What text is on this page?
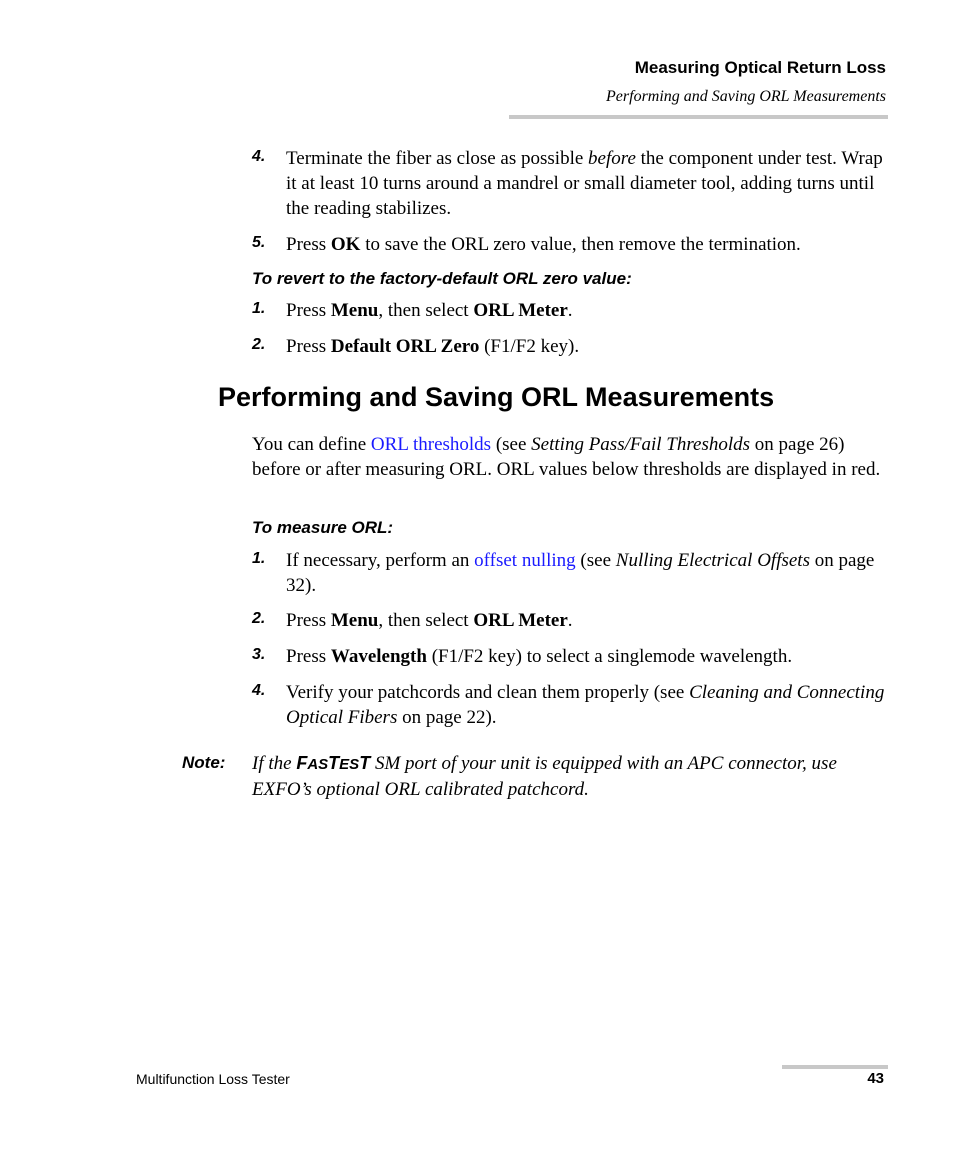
Measuring Optical Return Loss
Performing and Saving ORL Measurements
4. Terminate the fiber as close as possible before the component under test. Wrap it at least 10 turns around a mandrel or small diameter tool, adding turns until the reading stabilizes.
5. Press OK to save the ORL zero value, then remove the termination.
To revert to the factory-default ORL zero value:
1. Press Menu, then select ORL Meter.
2. Press Default ORL Zero (F1/F2 key).
Performing and Saving ORL Measurements
You can define ORL thresholds (see Setting Pass/Fail Thresholds on page 26) before or after measuring ORL. ORL values below thresholds are displayed in red.
To measure ORL:
1. If necessary, perform an offset nulling (see Nulling Electrical Offsets on page 32).
2. Press Menu, then select ORL Meter.
3. Press Wavelength (F1/F2 key) to select a singlemode wavelength.
4. Verify your patchcords and clean them properly (see Cleaning and Connecting Optical Fibers on page 22).
Note: If the FASTEST SM port of your unit is equipped with an APC connector, use EXFO’s optional ORL calibrated patchcord.
Multifunction Loss Tester	43
